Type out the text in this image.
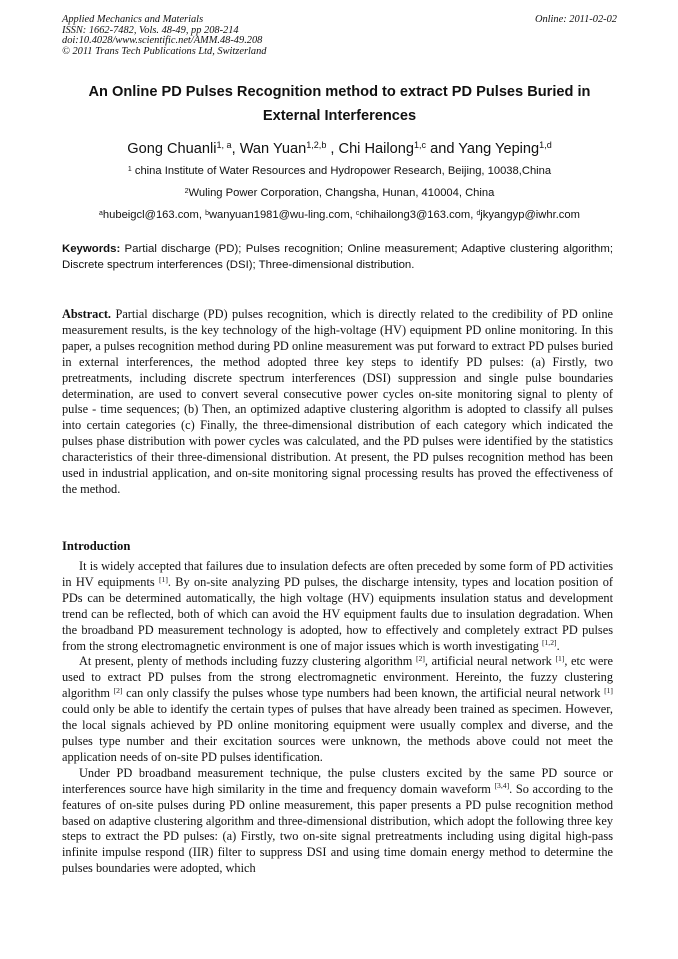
Applied Mechanics and Materials
ISSN: 1662-7482, Vols. 48-49, pp 208-214
doi:10.4028/www.scientific.net/AMM.48-49.208
© 2011 Trans Tech Publications Ltd, Switzerland
Online: 2011-02-02
An Online PD Pulses Recognition method to extract PD Pulses Buried in External Interferences
Gong Chuanli$^{1, a}$, Wan Yuan$^{1,2,b}$ , Chi Hailong$^{1,c}$ and Yang Yeping$^{1,d}$
$^1$ china Institute of Water Resources and Hydropower Research, Beijing, 10038,China
$^2$Wuling Power Corporation, Changsha, Hunan, 410004, China
$^a$hubeigcl@163.com, $^b$wanyuan1981@wu-ling.com, $^c$chihailong3@163.com, $^d$jkyangyp@iwhr.com
Keywords: Partial discharge (PD); Pulses recognition; Online measurement; Adaptive clustering algorithm; Discrete spectrum interferences (DSI); Three-dimensional distribution.
Abstract. Partial discharge (PD) pulses recognition, which is directly related to the credibility of PD online measurement results, is the key technology of the high-voltage (HV) equipment PD online monitoring. In this paper, a pulses recognition method during PD online measurement was put forward to extract PD pulses buried in external interferences, the method adopted three key steps to identify PD pulses: (a) Firstly, two pretreatments, including discrete spectrum interferences (DSI) suppression and single pulse boundaries determination, are used to convert several consecutive power cycles on-site monitoring signal to plenty of pulse - time sequences; (b) Then, an optimized adaptive clustering algorithm is adopted to classify all pulses into certain categories (c) Finally, the three-dimensional distribution of each category which indicated the pulses phase distribution with power cycles was calculated, and the PD pulses were identified by the statistics characteristics of their three-dimensional distribution. At present, the PD pulses recognition method has been used in industrial application, and on-site monitoring signal processing results has proved the effectiveness of the method.
Introduction

It is widely accepted that failures due to insulation defects are often preceded by some form of PD activities in HV equipments [1]. By on-site analyzing PD pulses, the discharge intensity, types and location position of PDs can be determined automatically, the high voltage (HV) equipments insulation status and development trend can be reflected, both of which can avoid the HV equipment faults due to insulation degradation. When the broadband PD measurement technology is adopted, how to effectively and completely extract PD pulses from the strong electromagnetic environment is one of major issues which is worth investigating [1,2].

At present, plenty of methods including fuzzy clustering algorithm [2], artificial neural network [1], etc were used to extract PD pulses from the strong electromagnetic environment. Hereinto, the fuzzy clustering algorithm [2] can only classify the pulses whose type numbers had been known, the artificial neural network [1] could only be able to identify the certain types of pulses that have already been trained as specimen. However, the local signals achieved by PD online monitoring equipment were usually complex and diverse, and the pulses type number and their excitation sources were unknown, the methods above could not meet the application needs of on-site PD pulses identification.

Under PD broadband measurement technique, the pulse clusters excited by the same PD source or interferences source have high similarity in the time and frequency domain waveform [3,4]. So according to the features of on-site pulses during PD online measurement, this paper presents a PD pulse recognition method based on adaptive clustering algorithm and three-dimensional distribution, which adopt the following three key steps to extract the PD pulses: (a) Firstly, two on-site signal pretreatments including using digital high-pass infinite impulse respond (IIR) filter to suppress DSI and using time domain energy method to determine the pulses boundaries were adopted, which
